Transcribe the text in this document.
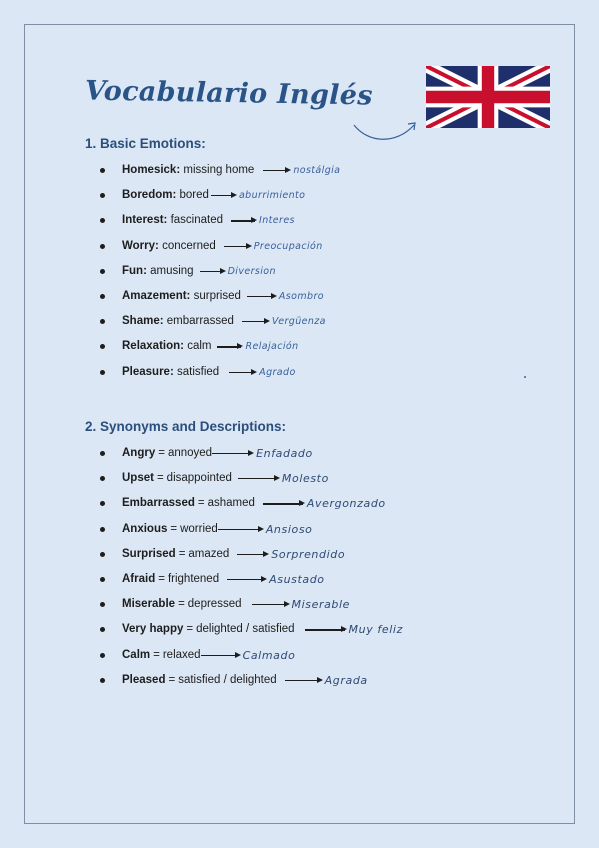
Vocabulario Inglés
1. Basic Emotions:
Homesick:
missing home	nostálgia
Boredom:
bored	aburrimiento
Interest:
fascinated	Interes
Worry:
concerned	Preocupación
Fun:
amusing	Diversion
Amazement:
surprised	Asombro
Shame:
embarrassed	Vergüenza
Relaxation:
calm	Relajación
Pleasure:
satisfied	Agrado
2. Synonyms and Descriptions:
Angry = annoyed	Enfadado
Upset = disappointed	Molesto
Embarrassed = ashamed	Avergonzado
Anxious = worried	Ansioso
Surprised = amazed	Sorprendido
Afraid = frightened	Asustado
Miserable = depressed	Miserable
Very happy = delighted / satisfied	Muy feliz
Calm = relaxed	Calmado
Pleased = satisfied / delighted	Agrada
